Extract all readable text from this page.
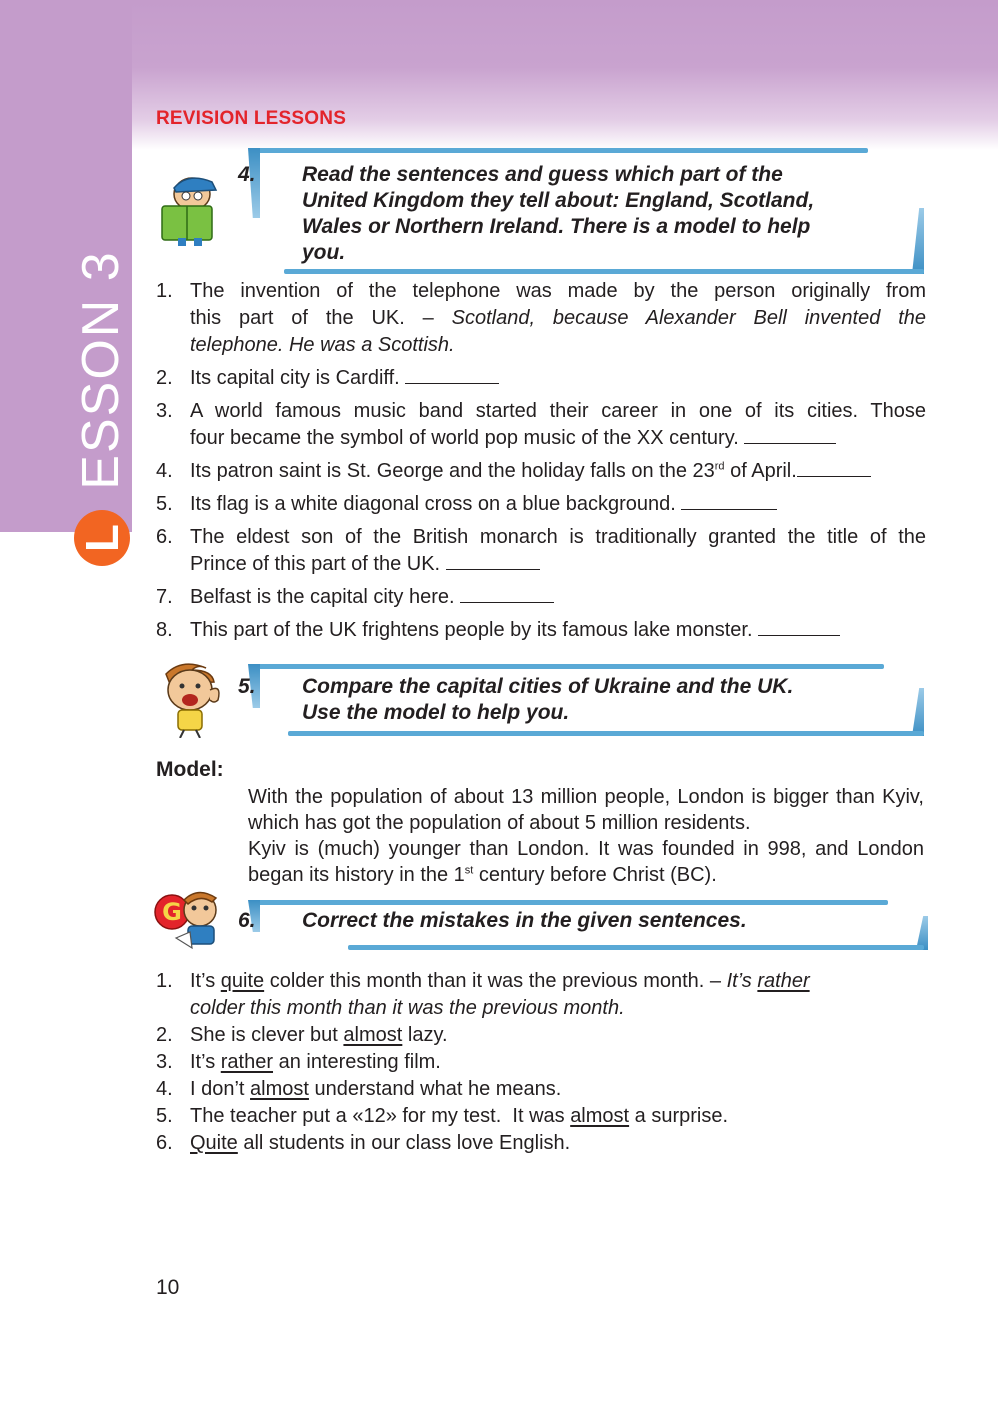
REVISION LESSONS
ESSON 3
L
4. Read the sentences and guess which part of the
United Kingdom they tell about: England, Scotland,
Wales or Northern Ireland. There is a model to help
you.
1. The invention of the telephone was made by the person originally from
this part of the UK. – Scotland, because Alexander Bell invented the
telephone. He was a Scottish.
2. Its capital city is Cardiff.
3. A world famous music band started their career in one of its cities. Those
four became the symbol of world pop music of the XX century.
4. Its patron saint is St. George and the holiday falls on the 23rd of April.
5. Its flag is a white diagonal cross on a blue background.
6. The eldest son of the British monarch is traditionally granted the title of the
Prince of this part of the UK.
7. Belfast is the capital city here.
8. This part of the UK frightens people by its famous lake monster.
5. Compare the capital cities of Ukraine and the UK.
Use the model to help you.
Model:

With the population of about 13 million people, London is bigger than Kyiv, which has got the population of about 5 million residents.

Kyiv is (much) younger than London. It was founded in 998, and London began its history in the 1st century before Christ (BC).

G	6. Correct the mistakes in the given sentences.
1. It’s quite colder this month than it was the previous month. – It’s rather
colder this month than it was the previous month.
2. She is clever but almost lazy.
3. It’s rather an interesting film.
4. I don’t almost understand what he means.
5. The teacher put a «12» for my test.  It was almost a surprise.
6. Quite all students in our class love English.
10
